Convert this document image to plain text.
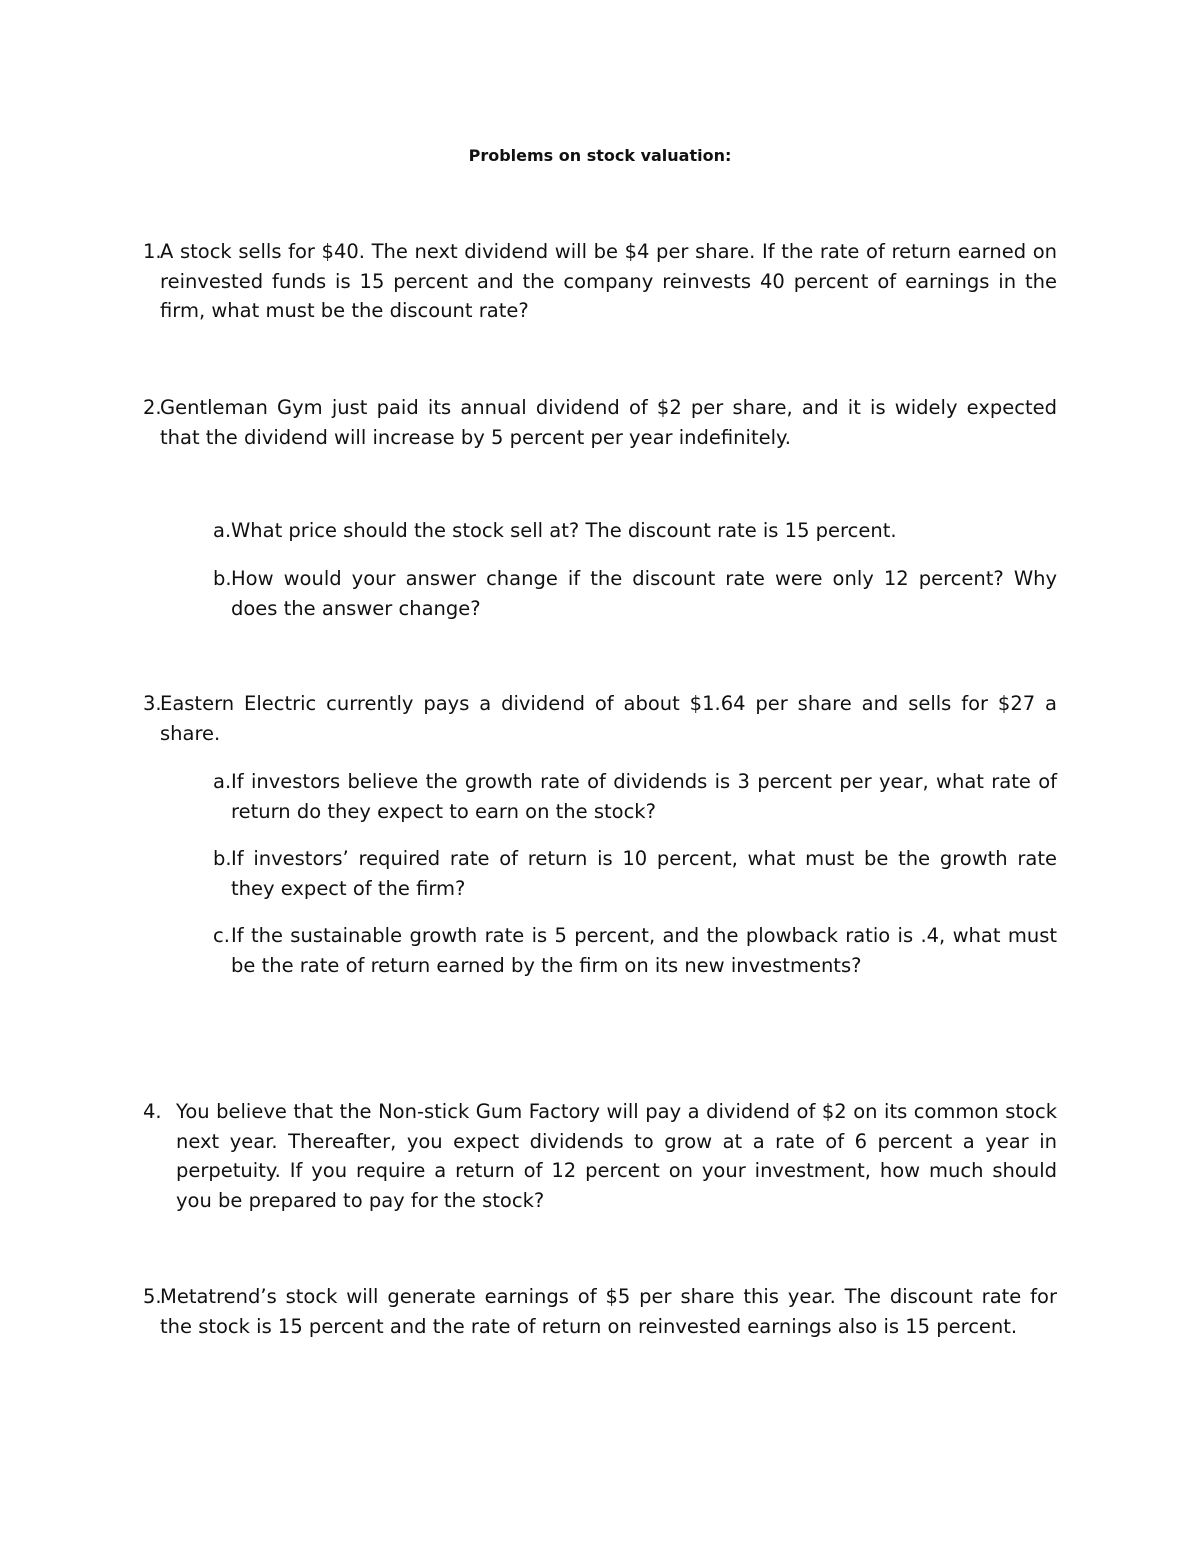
Problems on stock valuation:
1.
A stock sells for $40. The next dividend will be $4 per share. If the rate of return earned on reinvested funds is 15 percent and the company reinvests 40 percent of earnings in the firm, what must be the discount rate?
2.
Gentleman Gym just paid its annual dividend of $2 per share, and it is widely expected that the dividend will increase by 5 percent per year indefinitely.
a. What price should the stock sell at? The discount rate is 15 percent.
b. How would your answer change if the discount rate were only 12 percent? Why does the answer change?
3.
Eastern Electric currently pays a dividend of about $1.64 per share and sells for $27 a share.
a. If investors believe the growth rate of dividends is 3 percent per year, what rate of return do they expect to earn on the stock?
b. If investors’ required rate of return is 10 percent, what must be the growth rate they expect of the firm?
c. If the sustainable growth rate is 5 percent, and the plowback ratio is .4, what must be the rate of return earned by the firm on its new investments?
4. You believe that the Non-stick Gum Factory will pay a dividend of $2 on its common stock next year. Thereafter, you expect dividends to grow at a rate of 6 percent a year in perpetuity. If you require a return of 12 percent on your investment, how much should you be prepared to pay for the stock?
5.
Metatrend’s stock will generate earnings of $5 per share this year. The discount rate for the stock is 15 percent and the rate of return on reinvested earnings also is 15 percent.
